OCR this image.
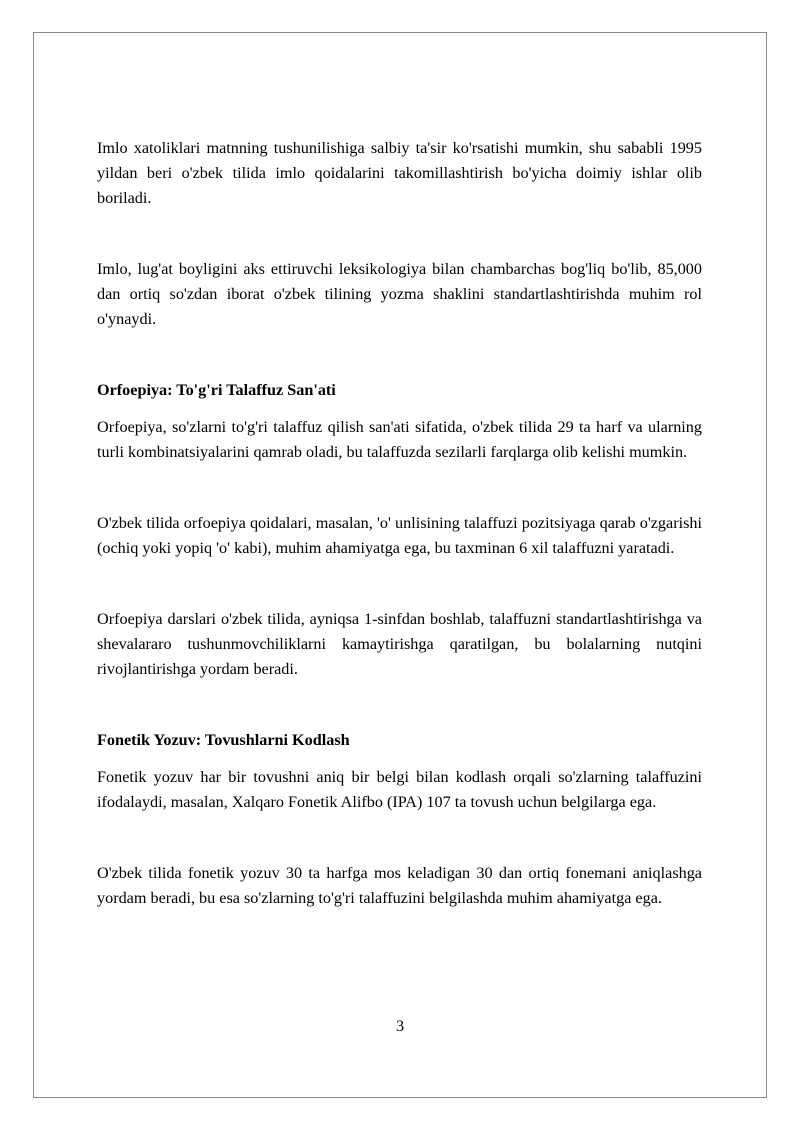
Imlo xatoliklari matnning tushunilishiga salbiy ta'sir ko'rsatishi mumkin, shu sababli 1995 yildan beri o'zbek tilida imlo qoidalarini takomillashtirish bo'yicha doimiy ishlar olib boriladi.

Imlo, lug'at boyligini aks ettiruvchi leksikologiya bilan chambarchas bog'liq bo'lib, 85,000 dan ortiq so'zdan iborat o'zbek tilining yozma shaklini standartlashtirishda muhim rol o'ynaydi.

Orfoepiya: To'g'ri Talaffuz San'ati

Orfoepiya, so'zlarni to'g'ri talaffuz qilish san'ati sifatida, o'zbek tilida 29 ta harf va ularning turli kombinatsiyalarini qamrab oladi, bu talaffuzda sezilarli farqlarga olib kelishi mumkin.

O'zbek tilida orfoepiya qoidalari, masalan, 'o' unlisining talaffuzi pozitsiyaga qarab o'zgarishi (ochiq yoki yopiq 'o' kabi), muhim ahamiyatga ega, bu taxminan 6 xil talaffuzni yaratadi.

Orfoepiya darslari o'zbek tilida, ayniqsa 1-sinfdan boshlab, talaffuzni standartlashtirishga va shevalararo tushunmovchiliklarni kamaytirishga qaratilgan, bu bolalarning nutqini rivojlantirishga yordam beradi.

Fonetik Yozuv: Tovushlarni Kodlash

Fonetik yozuv har bir tovushni aniq bir belgi bilan kodlash orqali so'zlarning talaffuzini ifodalaydi, masalan, Xalqaro Fonetik Alifbo (IPA) 107 ta tovush uchun belgilarga ega.

O'zbek tilida fonetik yozuv 30 ta harfga mos keladigan 30 dan ortiq fonemani aniqlashga yordam beradi, bu esa so'zlarning to'g'ri talaffuzini belgilashda muhim ahamiyatga ega.

3
